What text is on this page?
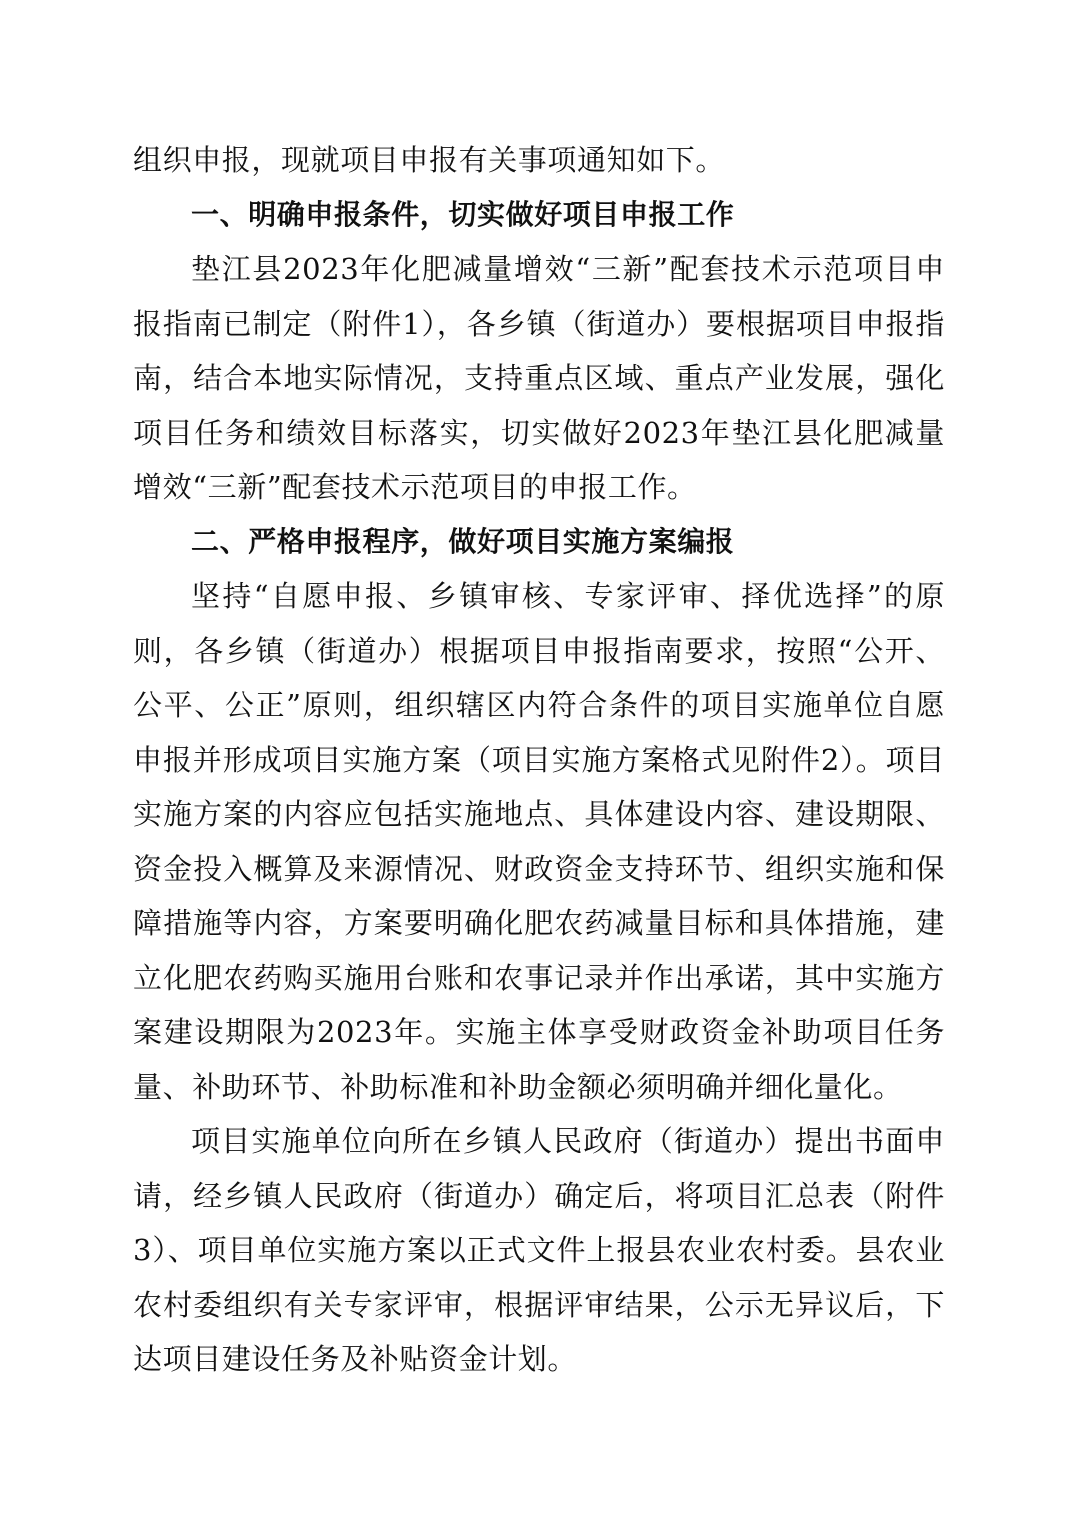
组织申报，现就项目申报有关事项通知如下。

一、明确申报条件，切实做好项目申报工作

垫江县2023年化肥减量增效“三新”配套技术示范项目申报指南已制定（附件1），各乡镇（街道办）要根据项目申报指南，结合本地实际情况，支持重点区域、重点产业发展，强化项目任务和绩效目标落实，切实做好2023年垫江县化肥减量增效“三新”配套技术示范项目的申报工作。

二、严格申报程序，做好项目实施方案编报

坚持“自愿申报、乡镇审核、专家评审、择优选择”的原则，各乡镇（街道办）根据项目申报指南要求，按照“公开、公平、公正”原则，组织辖区内符合条件的项目实施单位自愿申报并形成项目实施方案（项目实施方案格式见附件2）。项目实施方案的内容应包括实施地点、具体建设内容、建设期限、资金投入概算及来源情况、财政资金支持环节、组织实施和保障措施等内容，方案要明确化肥农药减量目标和具体措施，建立化肥农药购买施用台账和农事记录并作出承诺，其中实施方案建设期限为2023年。实施主体享受财政资金补助项目任务量、补助环节、补助标准和补助金额必须明确并细化量化。

项目实施单位向所在乡镇人民政府（街道办）提出书面申请，经乡镇人民政府（街道办）确定后，将项目汇总表（附件3）、项目单位实施方案以正式文件上报县农业农村委。县农业农村委组织有关专家评审，根据评审结果，公示无异议后，下达项目建设任务及补贴资金计划。
